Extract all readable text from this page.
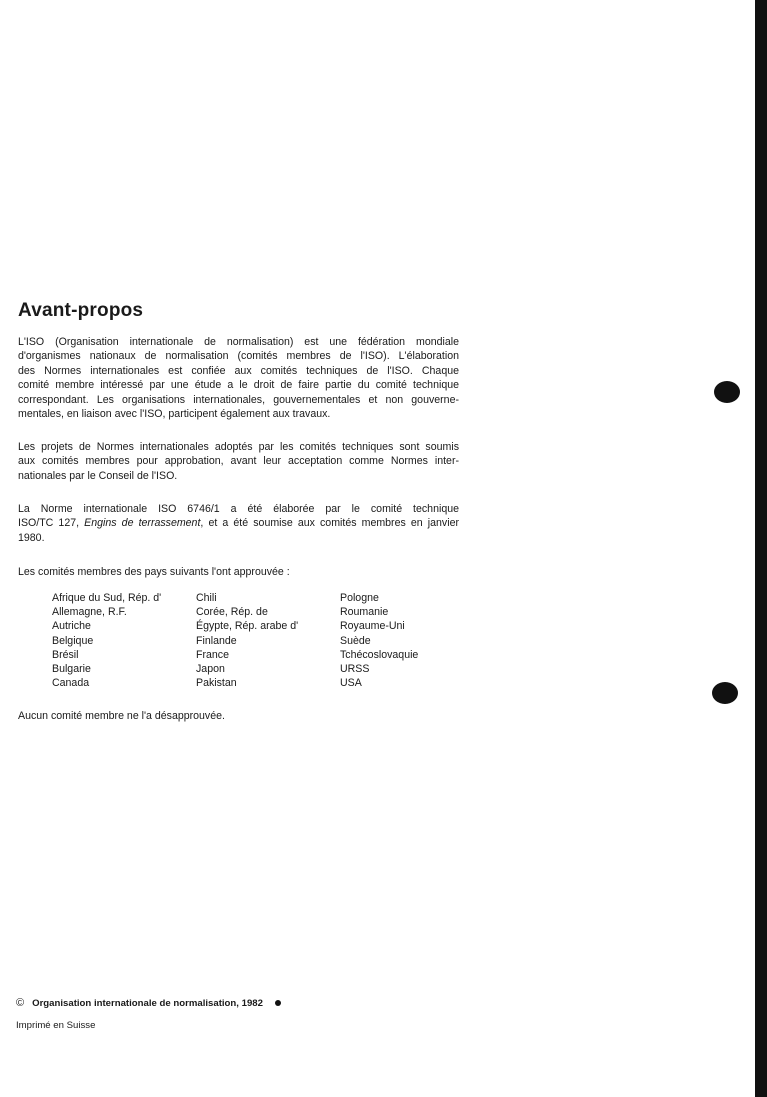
Avant-propos
L'ISO (Organisation internationale de normalisation) est une fédération mondiale
d'organismes nationaux de normalisation (comités membres de l'ISO). L'élaboration
des Normes internationales est confiée aux comités techniques de l'ISO. Chaque
comité membre intéressé par une étude a le droit de faire partie du comité technique
correspondant. Les organisations internationales, gouvernementales et non gouverne-
mentales, en liaison avec l'ISO, participent également aux travaux.
Les projets de Normes internationales adoptés par les comités techniques sont soumis
aux comités membres pour approbation, avant leur acceptation comme Normes inter-
nationales par le Conseil de l'ISO.
La Norme internationale ISO 6746/1 a été élaborée par le comité technique
ISO/TC 127, Engins de terrassement, et a été soumise aux comités membres en janvier
1980.
Les comités membres des pays suivants l'ont approuvée :
Afrique du Sud, Rép. d'
Allemagne, R.F.
Autriche
Belgique
Brésil
Bulgarie
Canada
Chili
Corée, Rép. de
Égypte, Rép. arabe d'
Finlande
France
Japon
Pakistan
Pologne
Roumanie
Royaume-Uni
Suède
Tchécoslovaquie
URSS
USA
Aucun comité membre ne l'a désapprouvée.
© Organisation internationale de normalisation, 1982
Imprimé en Suisse
